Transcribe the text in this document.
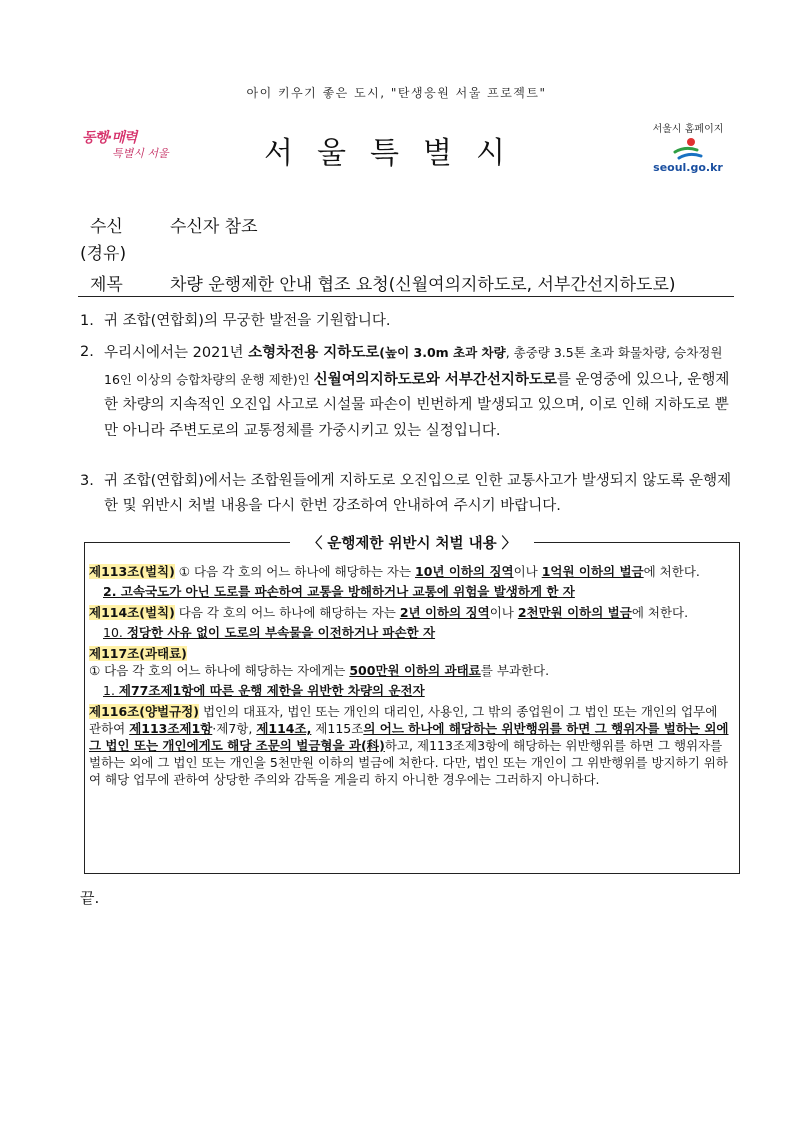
아이 키우기 좋은 도시, "탄생응원 서울 프로젝트"
동행·매력
특별시 서울	서울특별시
서울시 홈페이지
seoul.go.kr
수신	수신자 참조
(경유)
제목	차량 운행제한 안내 협조 요청(신월여의지하도로, 서부간선지하도로)
1. 귀 조합(연합회)의 무궁한 발전을 기원합니다.
2. 우리시에서는 2021년 소형차전용 지하도로(높이 3.0m 초과 차량, 총중량 3.5톤 초과 화물차량, 승차정원 16인 이상의 승합차량의 운행 제한)인 신월여의지하도로와 서부간선지하도로를 운영중에 있으나, 운행제한 차량의 지속적인 오진입 사고로 시설물 파손이 빈번하게 발생되고 있으며, 이로 인해 지하도로 뿐만 아니라 주변도로의 교통정체를 가중시키고 있는 실정입니다.
3. 귀 조합(연합회)에서는 조합원들에게 지하도로 오진입으로 인한 교통사고가 발생되지 않도록 운행제한 및 위반시 처벌 내용을 다시 한번 강조하여 안내하여 주시기 바랍니다.
〈 운행제한 위반시 처벌 내용 〉
제113조(벌칙) ① 다음 각 호의 어느 하나에 해당하는 자는 10년 이하의 징역이나 1억원 이하의 벌금에 처한다.
2. 고속국도가 아닌 도로를 파손하여 교통을 방해하거나 교통에 위험을 발생하게 한 자
제114조(벌칙) 다음 각 호의 어느 하나에 해당하는 자는 2년 이하의 징역이나 2천만원 이하의 벌금에 처한다.
10. 정당한 사유 없이 도로의 부속물을 이전하거나 파손한 자
제117조(과태료)
① 다음 각 호의 어느 하나에 해당하는 자에게는 500만원 이하의 과태료를 부과한다.
1. 제77조제1항에 따른 운행 제한을 위반한 차량의 운전자
제116조(양벌규정) 법인의 대표자, 법인 또는 개인의 대리인, 사용인, 그 밖의 종업원이 그 법인 또는 개인의 업무에 관하여 제113조제1항·제7항, 제114조, 제115조의 어느 하나에 해당하는 위반행위를 하면 그 행위자를 벌하는 외에 그 법인 또는 개인에게도 해당 조문의 벌금형을 과(科)하고, 제113조제3항에 해당하는 위반행위를 하면 그 행위자를 벌하는 외에 그 법인 또는 개인을 5천만원 이하의 벌금에 처한다. 다만, 법인 또는 개인이 그 위반행위를 방지하기 위하여 해당 업무에 관하여 상당한 주의와 감독을 게을리 하지 아니한 경우에는 그러하지 아니하다.
끝.
